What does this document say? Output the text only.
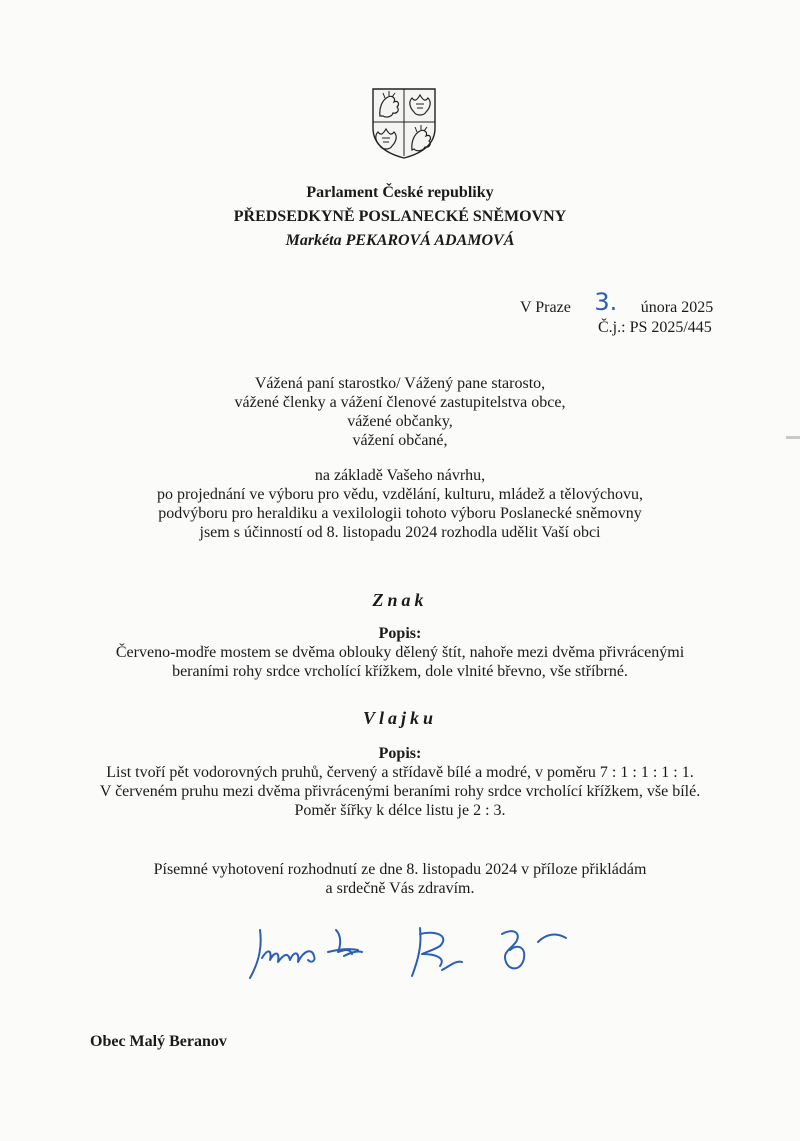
Parlament České republiky
PŘEDSEDKYNĚ POSLANECKÉ SNĚMOVNY
Markéta PEKAROVÁ ADAMOVÁ
V Praze 3. února 2025
Č.j.: PS 2025/445
Vážená paní starostko/ Vážený pane starosto,
vážené členky a vážení členové zastupitelstva obce,
vážené občanky,
vážení občané,
na základě Vašeho návrhu,
po projednání ve výboru pro vědu, vzdělání, kulturu, mládež a tělovýchovu,
podvýboru pro heraldiku a vexilologii tohoto výboru Poslanecké sněmovny
jsem s účinností od 8. listopadu 2024 rozhodla udělit Vaší obci
Znak
Popis:
Červeno-modře mostem se dvěma oblouky dělený štít, nahoře mezi dvěma přivrácenými
beraními rohy srdce vrcholící křížkem, dole vlnité břevno, vše stříbrné.
Vlajku
Popis:
List tvoří pět vodorovných pruhů, červený a střídavě bílé a modré, v poměru 7 : 1 : 1 : 1 : 1.
V červeném pruhu mezi dvěma přivrácenými beraními rohy srdce vrcholící křížkem, vše bílé.
Poměr šířky k délce listu je 2 : 3.
Písemné vyhotovení rozhodnutí ze dne 8. listopadu 2024 v příloze přikládám
a srdečně Vás zdravím.
Obec Malý Beranov
